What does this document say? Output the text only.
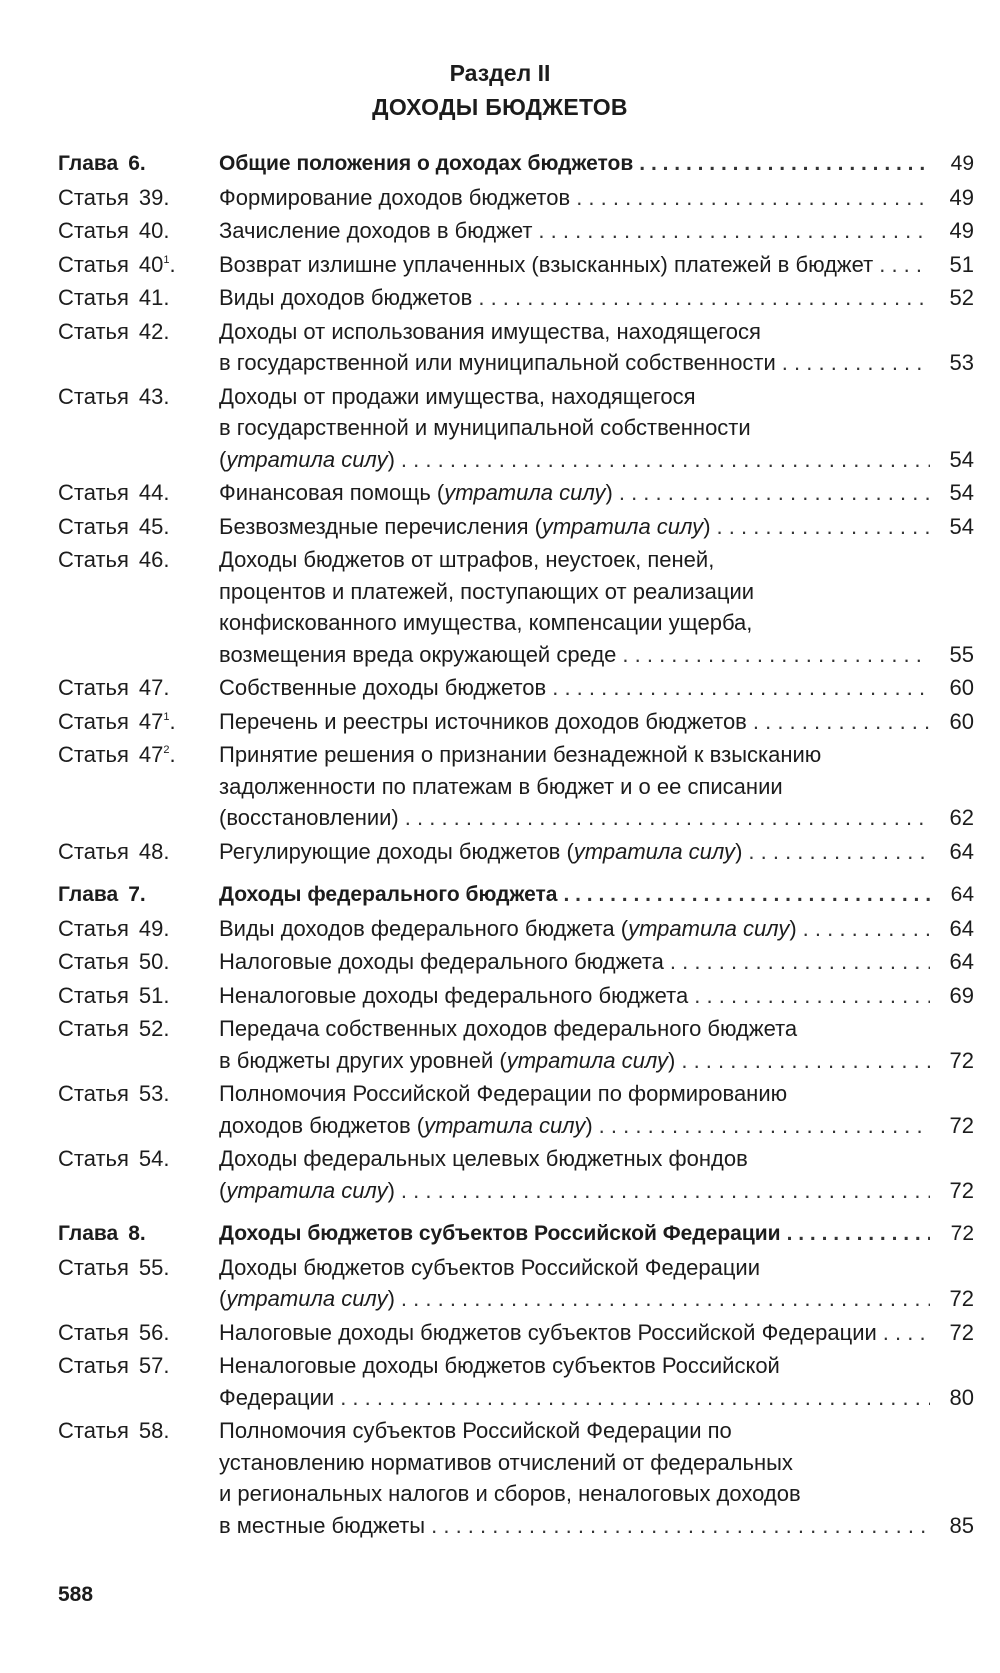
Раздел II
ДОХОДЫ БЮДЖЕТОВ
Глава 6.	Общие положения о доходах бюджетов . . .	49
Статья 39.	Формирование доходов бюджетов . . .	49
Статья 40.	Зачисление доходов в бюджет . . .	49
Статья $40^1$.	Возврат излишне уплаченных (взысканных) платежей в бюджет . . .	51
Статья 41.	Виды доходов бюджетов . . .	52
Статья 42.	Доходы от использования имущества, находящегося
в государственной или муниципальной собственности . . .	53
Статья 43.	Доходы от продажи имущества, находящегося
в государственной и муниципальной собственности
(утратила силу) . . .	54
Статья 44.	Финансовая помощь (утратила силу) . . .	54
Статья 45.	Безвозмездные перечисления (утратила силу) . . .	54
Статья 46.	Доходы бюджетов от штрафов, неустоек, пеней,
процентов и платежей, поступающих от реализации
конфискованного имущества, компенсации ущерба,
возмещения вреда окружающей среде . . .	55
Статья 47.	Собственные доходы бюджетов . . .	60
Статья $47^1$.	Перечень и реестры источников доходов бюджетов . . .	60
Статья $47^2$.	Принятие решения о признании безнадежной к взысканию
задолженности по платежам в бюджет и о ее списании
(восстановлении) . . .	62
Статья 48.	Регулирующие доходы бюджетов (утратила силу) . . .	64
Глава 7.	Доходы федерального бюджета . . .	64
Статья 49.	Виды доходов федерального бюджета (утратила силу) . . .	64
Статья 50.	Налоговые доходы федерального бюджета . . .	64
Статья 51.	Неналоговые доходы федерального бюджета . . .	69
Статья 52.	Передача собственных доходов федерального бюджета
в бюджеты других уровней (утратила силу) . . .	72
Статья 53.	Полномочия Российской Федерации по формированию
доходов бюджетов (утратила силу) . . .	72
Статья 54.	Доходы федеральных целевых бюджетных фондов
(утратила силу) . . .	72
Глава 8.	Доходы бюджетов субъектов Российской Федерации . . .	72
Статья 55.	Доходы бюджетов субъектов Российской Федерации
(утратила силу) . . .	72
Статья 56.	Налоговые доходы бюджетов субъектов Российской Федерации . . .	72
Статья 57.	Неналоговые доходы бюджетов субъектов Российской
Федерации . . .	80
Статья 58.	Полномочия субъектов Российской Федерации по
установлению нормативов отчислений от федеральных
и региональных налогов и сборов, неналоговых доходов
в местные бюджеты . . .	85
588
